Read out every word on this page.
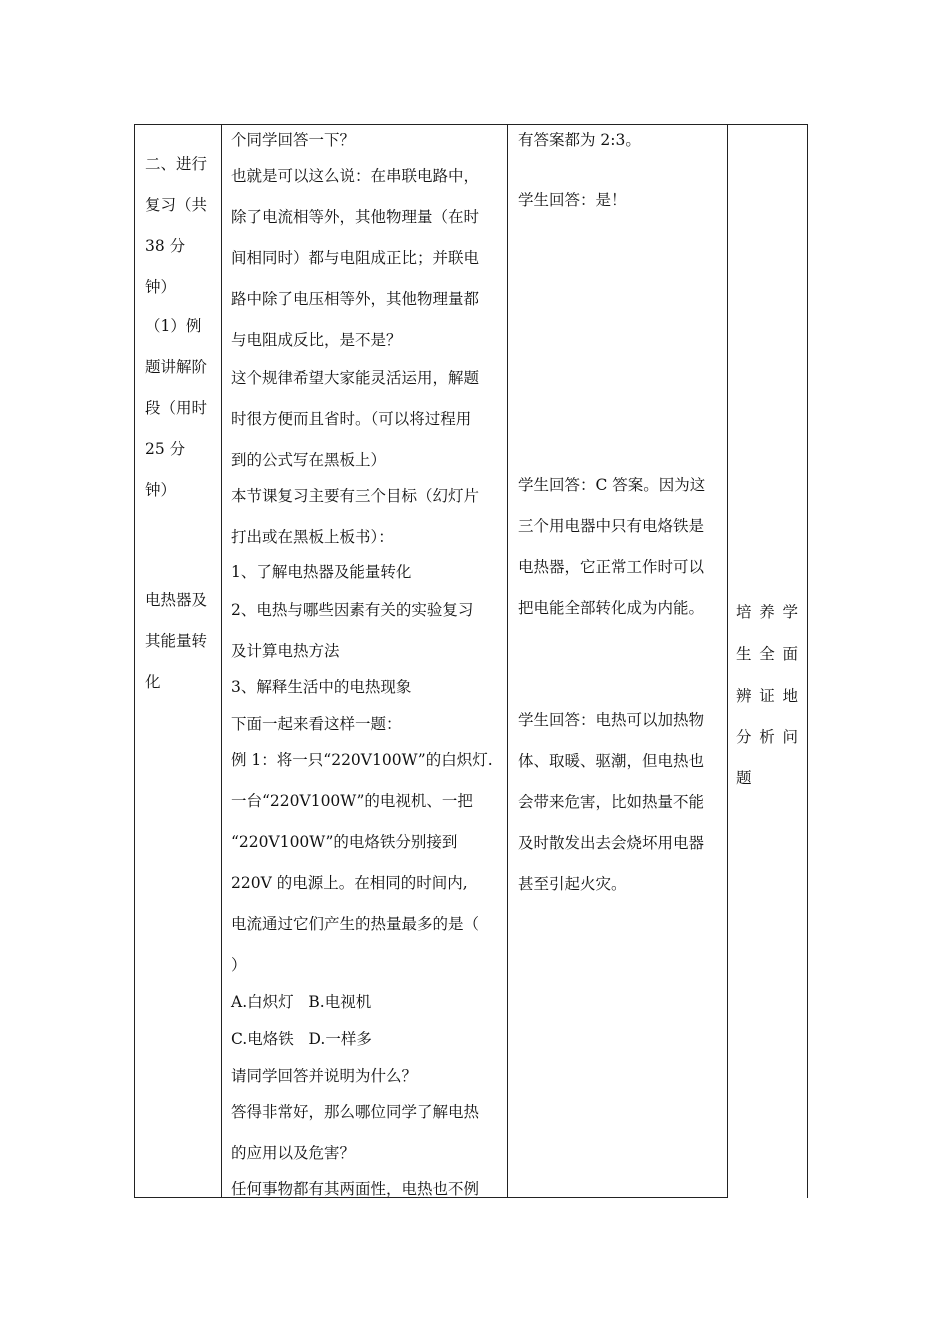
二、进行
复习（共
38 分
钟）
（1）例
题讲解阶
段（用时
25 分
钟）
电热器及
其能量转
化
个同学回答一下？
也就是可以这么说：在串联电路中，
除了电流相等外，其他物理量（在时
间相同时）都与电阻成正比；并联电
路中除了电压相等外，其他物理量都
与电阻成反比，是不是？
这个规律希望大家能灵活运用，解题
时很方便而且省时。（可以将过程用
到的公式写在黑板上）
本节课复习主要有三个目标（幻灯片
打出或在黑板上板书）：
1、了解电热器及能量转化
2、电热与哪些因素有关的实验复习
及计算电热方法
3、解释生活中的电热现象
下面一起来看这样一题：
例 1：将一只“220V100W”的白炽灯.
一台“220V100W”的电视机、一把
“220V100W”的电烙铁分别接到
220V 的电源上。在相同的时间内,
电流通过它们产生的热量最多的是（
）
A.白炽灯   B.电视机
C.电烙铁   D.一样多
请同学回答并说明为什么？
答得非常好，那么哪位同学了解电热
的应用以及危害？
任何事物都有其两面性，电热也不例
有答案都为 2:3。
学生回答：是！
学生回答：C 答案。因为这
三个用电器中只有电烙铁是
电热器，它正常工作时可以
把电能全部转化成为内能。
学生回答：电热可以加热物
体、取暖、驱潮，但电热也
会带来危害，比如热量不能
及时散发出去会烧坏用电器
甚至引起火灾。
培 养 学
生 全 面
辨 证 地
分 析 问
题
